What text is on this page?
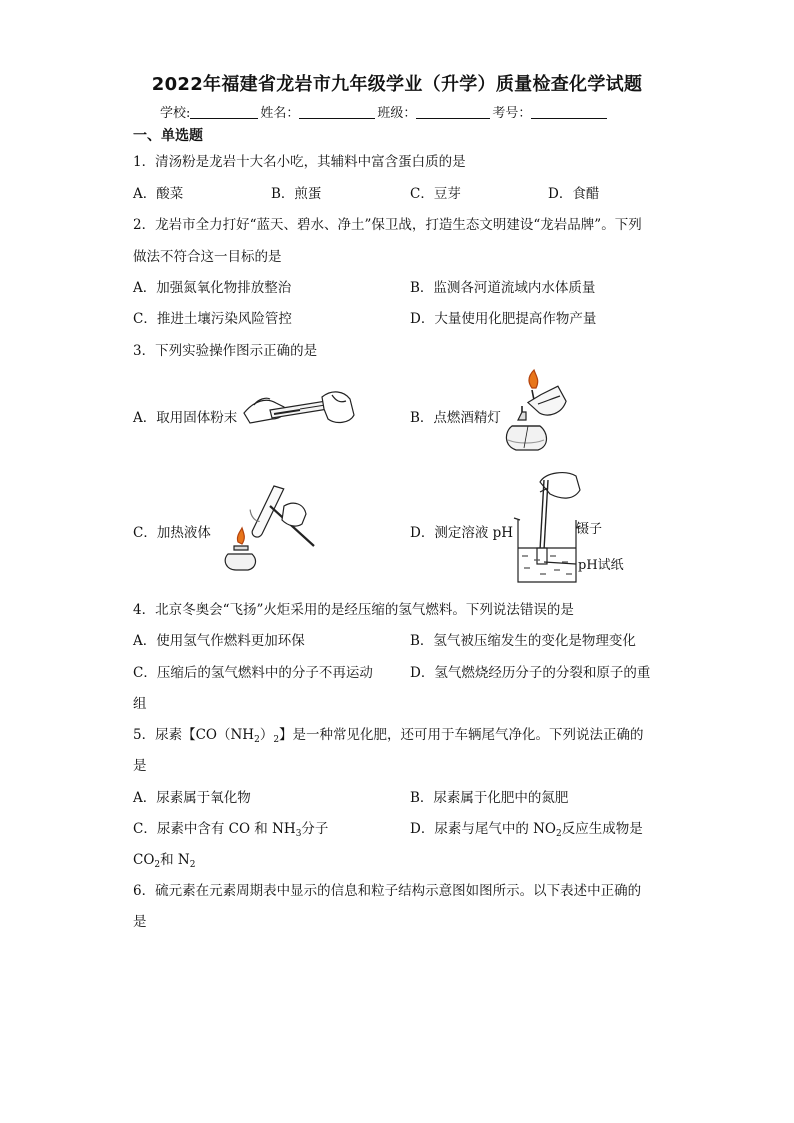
2022年福建省龙岩市九年级学业（升学）质量检查化学试题
学校:	姓名：	班级：	考号：
一、单选题
1．清汤粉是龙岩十大名小吃，其辅料中富含蛋白质的是
A．酸菜	B．煎蛋	C．豆芽	D．食醋
2．龙岩市全力打好“蓝天、碧水、净土”保卫战，打造生态文明建设“龙岩品牌”。下列
做法不符合这一目标的是
A．加强氮氧化物排放整治	B．监测各河道流域内水体质量
C．推进土壤污染风险管控	D．大量使用化肥提高作物产量
3．下列实验操作图示正确的是
A．取用固体粉末	B．点燃酒精灯
C．加热液体	D．测定溶液 pH	镊子
pH试纸
4．北京冬奥会“飞扬”火炬采用的是经压缩的氢气燃料。下列说法错误的是
A．使用氢气作燃料更加环保	B．氢气被压缩发生的变化是物理变化
C．压缩后的氢气燃料中的分子不再运动	D．氢气燃烧经历分子的分裂和原子的重
组
5．尿素【$CO(NH_2)_2$】是一种常见化肥，还可用于车辆尾气净化。下列说法正确的
是
A．尿素属于氧化物	B．尿素属于化肥中的氮肥
C．尿素中含有 CO 和 $NH_3$分子	D．尿素与尾气中的 $NO_2$反应生成物是
$CO_2$和 $N_2$
6．硫元素在元素周期表中显示的信息和粒子结构示意图如图所示。以下表述中正确的
是
